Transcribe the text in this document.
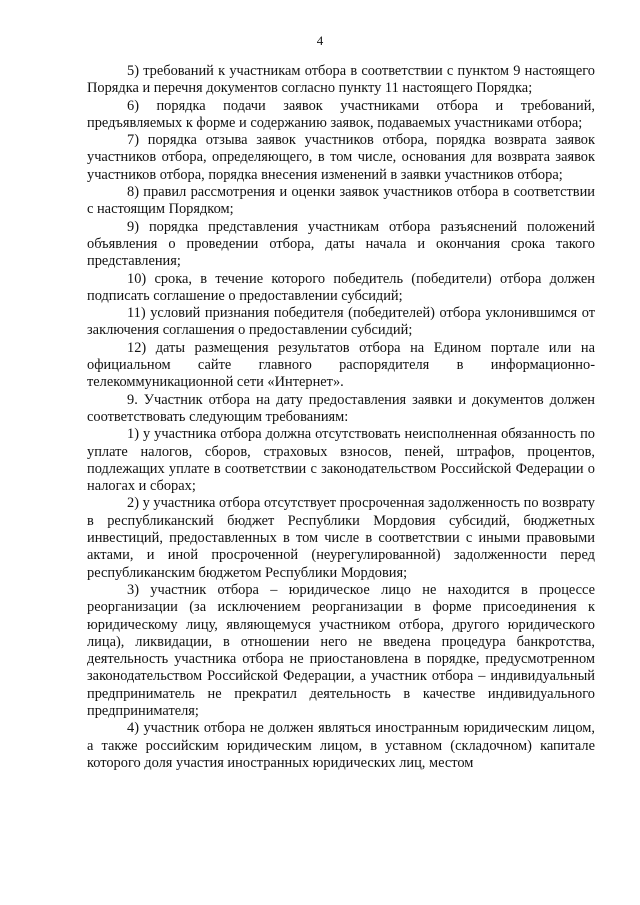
4

5) требований к участникам отбора в соответствии с пунктом 9 настоящего Порядка и перечня документов согласно пункту 11 настоящего Порядка;

6) порядка подачи заявок участниками отбора и требований, предъявляемых к форме и содержанию заявок, подаваемых участниками отбора;

7) порядка отзыва заявок участников отбора, порядка возврата заявок участников отбора, определяющего, в том числе, основания для возврата заявок участников отбора, порядка внесения изменений в заявки участников отбора;

8) правил рассмотрения и оценки заявок участников отбора в соответствии с настоящим Порядком;

9) порядка представления участникам отбора разъяснений положений объявления о проведении отбора, даты начала и окончания срока такого представления;

10) срока, в течение которого победитель (победители) отбора должен подписать соглашение о предоставлении субсидий;

11) условий признания победителя (победителей) отбора уклонившимся от заключения соглашения о предоставлении субсидий;

12) даты размещения результатов отбора на Едином портале или на официальном сайте главного распорядителя в информационно-телекоммуникационной сети «Интернет».

9. Участник отбора на дату предоставления заявки и документов должен соответствовать следующим требованиям:

1) у участника отбора должна отсутствовать неисполненная обязанность по уплате налогов, сборов, страховых взносов, пеней, штрафов, процентов, подлежащих уплате в соответствии с законодательством Российской Федерации о налогах и сборах;

2) у участника отбора отсутствует просроченная задолженность по возврату в республиканский бюджет Республики Мордовия субсидий, бюджетных инвестиций, предоставленных в том числе в соответствии с иными правовыми актами, и иной просроченной (неурегулированной) задолженности перед республиканским бюджетом Республики Мордовия;

3) участник отбора – юридическое лицо не находится в процессе реорганизации (за исключением реорганизации в форме присоединения к юридическому лицу, являющемуся участником отбора, другого юридического лица), ликвидации, в отношении него не введена процедура банкротства, деятельность участника отбора не приостановлена в порядке, предусмотренном законодательством Российской Федерации, а участник отбора – индивидуальный предприниматель не прекратил деятельность в качестве индивидуального предпринимателя;

4) участник отбора не должен являться иностранным юридическим лицом, а также российским юридическим лицом, в уставном (складочном) капитале которого доля участия иностранных юридических лиц, местом
